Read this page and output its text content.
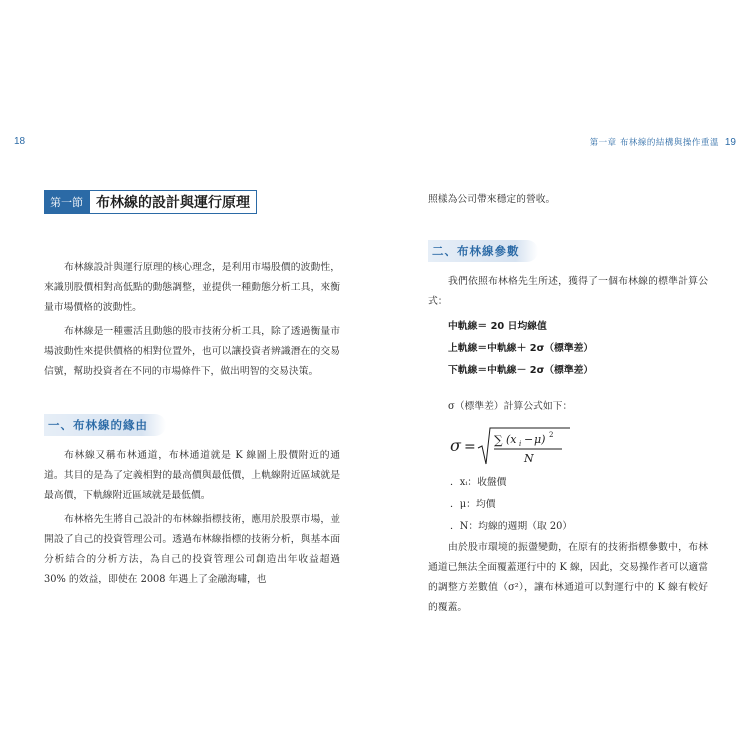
18	第一章 布林線的結構與操作重溫 19
第一節 布林線的設計與運行原理

布林線設計與運行原理的核心理念，是利用市場股價的波動性，來識別股價相對高低點的動態調整，並提供一種動態分析工具，來衡量市場價格的波動性。

布林線是一種靈活且動態的股市技術分析工具，除了透過衡量市場波動性來提供價格的相對位置外，也可以讓投資者辨識潛在的交易信號，幫助投資者在不同的市場條件下，做出明智的交易決策。

一、布林線的緣由

布林線又稱布林通道，布林通道就是 K 線圖上股價附近的通道。其目的是為了定義相對的最高價與最低價，上軌線附近區域就是最高價，下軌線附近區域就是最低價。

布林格先生將自己設計的布林線指標技術，應用於股票市場，並開設了自己的投資管理公司。透過布林線指標的技術分析，與基本面分析結合的分析方法，為自己的投資管理公司創造出年收益超過 30% 的效益，即使在 2008 年遇上了金融海嘯，也

照樣為公司帶來穩定的營收。

二、布林線參數

我們依照布林格先生所述，獲得了一個布林線的標準計算公式：

中軌線＝ 20 日均線值
上軌線＝中軌線＋ 2σ（標準差）
下軌線＝中軌線－ 2σ（標準差）
σ（標準差）計算公式如下：
σ = ∑ (x i − μ) 2
N
．xᵢ：收盤價
．μ：均價
．N：均線的週期（取 20）

由於股市環境的振盪變動，在原有的技術指標參數中，布林通道已無法全面覆蓋運行中的 K 線，因此，交易操作者可以適當的調整方差數值（σ²），讓布林通道可以對運行中的 K 線有較好的覆蓋。
